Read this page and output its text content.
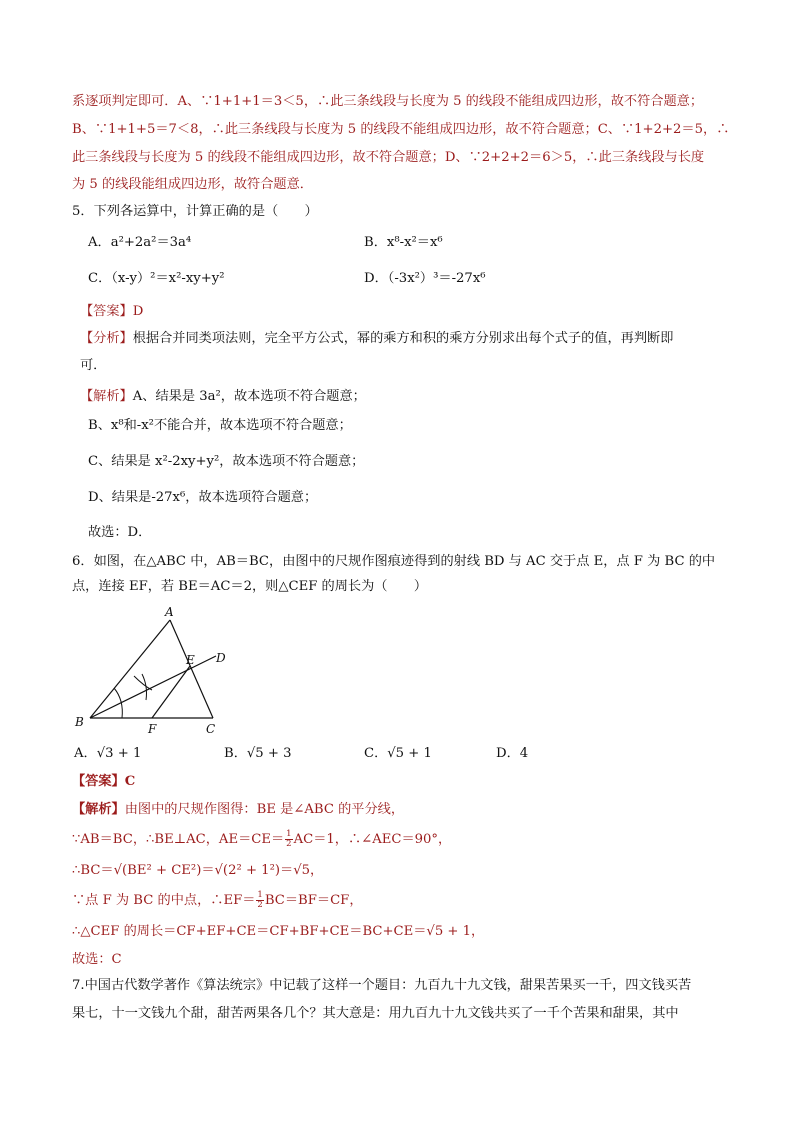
系逐项判定即可．A、∵1+1+1＝3＜5，∴此三条线段与长度为 5 的线段不能组成四边形，故不符合题意；
B、∵1+1+5＝7＜8，∴此三条线段与长度为 5 的线段不能组成四边形，故不符合题意；C、∵1+2+2＝5，∴
此三条线段与长度为 5 的线段不能组成四边形，故不符合题意；D、∵2+2+2＝6＞5，∴此三条线段与长度
为 5 的线段能组成四边形，故符合题意．
5．下列各运算中，计算正确的是（　　）
A．a²+2a²＝3a⁴	B．x⁸-x²＝x⁶
C．（x-y）²＝x²-xy+y²	D．（-3x²）³＝-27x⁶
【答案】D
【分析】根据合并同类项法则，完全平方公式，幂的乘方和积的乘方分别求出每个式子的值，再判断即
可．
【解析】A、结果是 3a²，故本选项不符合题意；
B、x⁸和-x²不能合并，故本选项不符合题意；
C、结果是 x²-2xy+y²，故本选项不符合题意；
D、结果是-27x⁶，故本选项符合题意；
故选：D．
6．如图，在△ABC 中，AB＝BC，由图中的尺规作图痕迹得到的射线 BD 与 AC 交于点 E，点 F 为 BC 的中
点，连接 EF，若 BE＝AC＝2，则△CEF 的周长为（　　）
A
B	C
D
E
F
A．√3 + 1	B．√5 + 3	C．√5 + 1	D．4
【答案】C
【解析】由图中的尺规作图得：BE 是∠ABC 的平分线，
∵AB＝BC，∴BE⊥AC，$AE=CE= \frac{1}{2} AC=1$，∴∠AEC＝90°，
∴BC＝√(BE² + CE²)＝√(2² + 1²)＝√5，
∵点 F 为 BC 的中点，∴EF＝ $\frac{1}{2} BC=BF=CF$，
∴△CEF 的周长＝CF+EF+CE＝CF+BF+CE＝BC+CE＝√5 + 1，
故选：C
7.中国古代数学著作《算法统宗》中记载了这样一个题目：九百九十九文钱，甜果苦果买一千，四文钱买苦
果七，十一文钱九个甜，甜苦两果各几个？其大意是：用九百九十九文钱共买了一千个苦果和甜果，其中
